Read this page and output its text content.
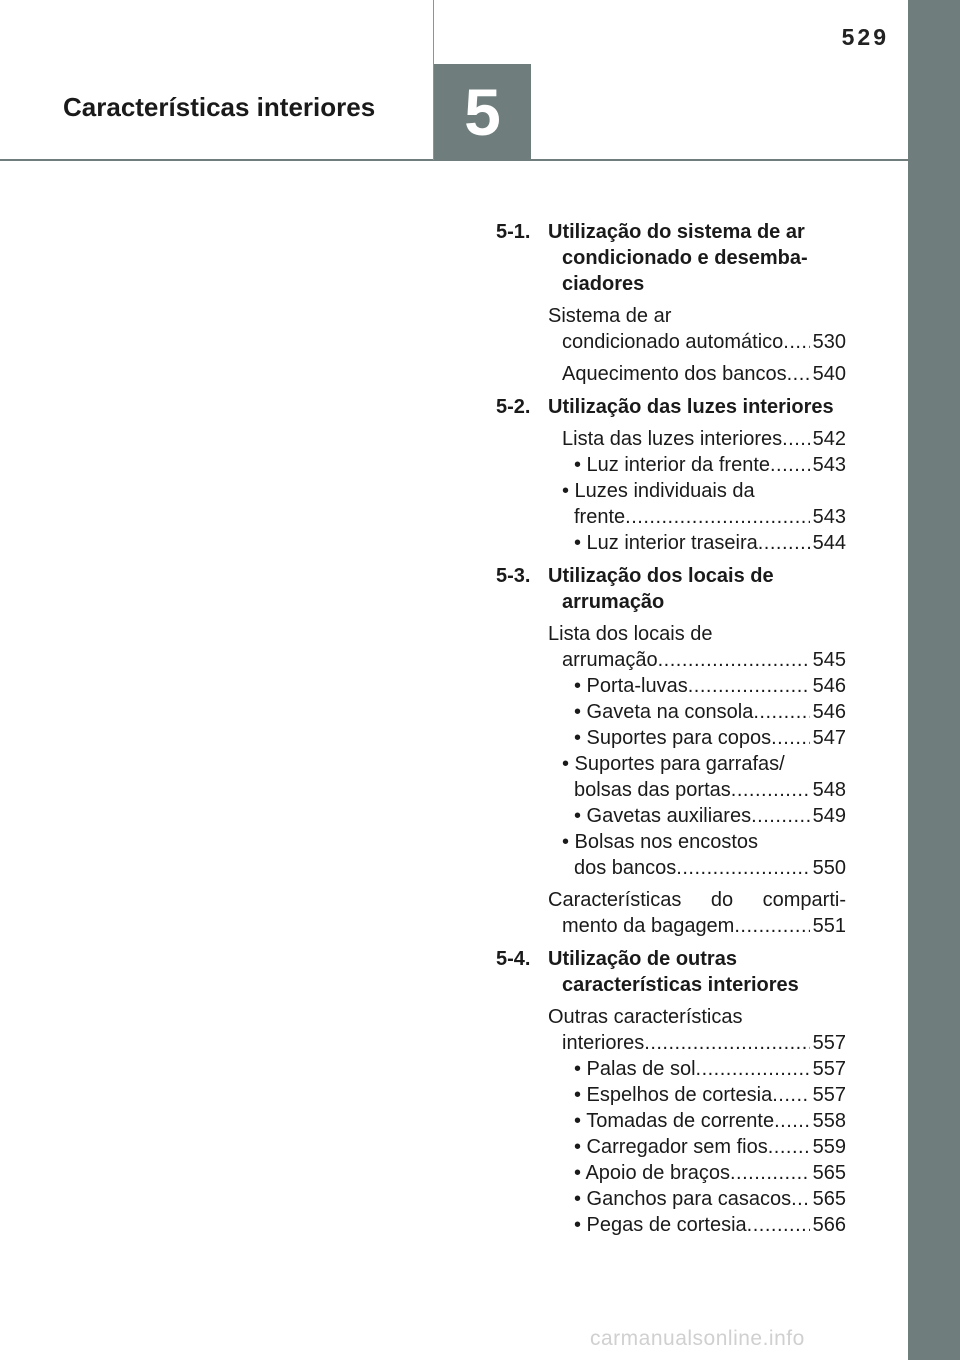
5
529
Características interiores
5-1. Utilização do sistema de ar condicionado e desemba-ciadores
Sistema de ar
condicionado automático ..... 530
Aquecimento dos bancos ..... 540
5-2. Utilização das luzes interiores
Lista das luzes interiores ..... 542
• Luz interior da frente ..... 543
• Luzes individuais da
frente .....	543
• Luz interior traseira .....	544
5-3. Utilização dos locais de arrumação
Lista dos locais de
arrumação .....	545
• Porta-luvas .....	546
• Gaveta na consola .....	546
• Suportes para copos ..... 547
• Suportes para garrafas/
bolsas das portas .....	548
• Gavetas auxiliares .....	549
• Bolsas nos encostos
dos bancos .....	550
Características do comparti-
mento da bagagem .....	551
5-4. Utilização de outras características interiores
Outras características
interiores .....	557
• Palas de sol .....	557
• Espelhos de cortesia ..... 557
• Tomadas de corrente ..... 558
• Carregador sem fios ..... 559
• Apoio de braços .....	565
• Ganchos para casacos ..... 565
• Pegas de cortesia .....	566
carmanualsonline.info
